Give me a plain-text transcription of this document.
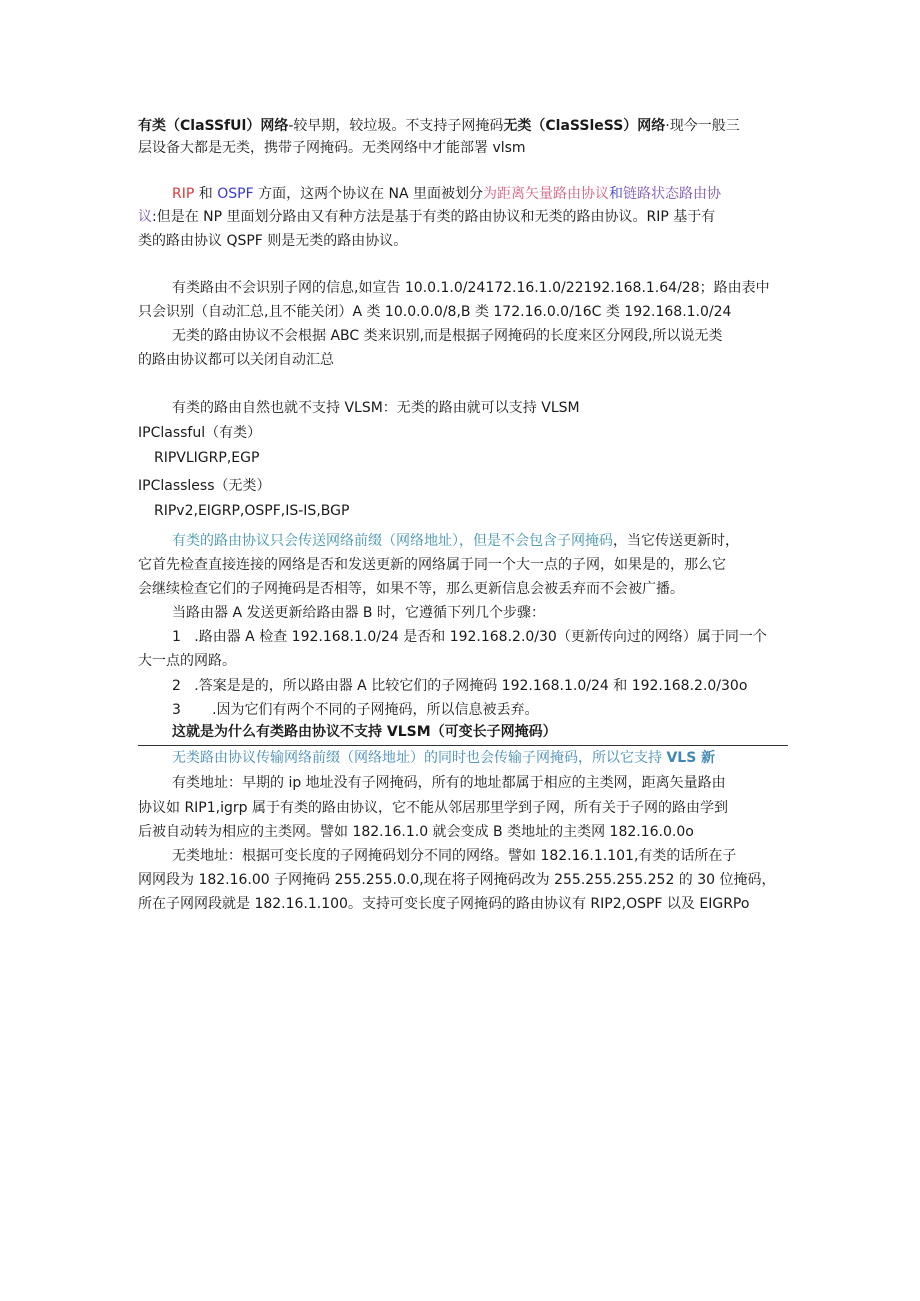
有类（ClaSSfUl）网络-较早期，较垃圾。不支持子网掩码无类（ClaSSleSS）网络·现今一般三
层设备大都是无类，携带子网掩码。无类网络中才能部署 vlsm
RIP 和 OSPF 方面，这两个协议在 NA 里面被划分为距离矢量路由协议和链路状态路由协
议:但是在 NP 里面划分路由又有种方法是基于有类的路由协议和无类的路由协议。RIP 基于有
类的路由协议 QSPF 则是无类的路由协议。
有类路由不会识别子网的信息,如宣告 10.0.1.0/24172.16.1.0/22192.168.1.64/28；路由表中
只会识别（自动汇总,且不能关闭）A 类 10.0.0.0/8,B 类 172.16.0.0/16C 类 192.168.1.0/24
无类的路由协议不会根据 ABC 类来识别,而是根据子网掩码的长度来区分网段,所以说无类
的路由协议都可以关闭自动汇总
有类的路由自然也就不支持 VLSM：无类的路由就可以支持 VLSM
IPClassful（有类）
RIPVLIGRP,EGP
IPClassless（无类）
RIPv2,EIGRP,OSPF,IS-IS,BGP
有类的路由协议只会传送网络前缀（网络地址），但是不会包含子网掩码，当它传送更新时，
它首先检查直接连接的网络是否和发送更新的网络属于同一个大一点的子网，如果是的，那么它
会继续检查它们的子网掩码是否相等，如果不等，那么更新信息会被丢弃而不会被广播。
当路由器 A 发送更新给路由器 B 时，它遵循下列几个步骤：
1 .路由器 A 检查 192.168.1.0/24 是否和 192.168.2.0/30（更新传向过的网络）属于同一个
大一点的网路。
2 .答案是是的，所以路由器 A 比较它们的子网掩码 192.168.1.0/24 和 192.168.2.0/30o
3 .因为它们有两个不同的子网掩码，所以信息被丢弃。
这就是为什么有类路由协议不支持 VLSM（可变长子网掩码）
无类路由协议传输网络前缀（网络地址）的同时也会传输子网掩码，所以它支持 VLS 新
有类地址：早期的 ip 地址没有子网掩码，所有的地址都属于相应的主类网，距离矢量路由
协议如 RIP1,igrp 属于有类的路由协议，它不能从邻居那里学到子网，所有关于子网的路由学到
后被自动转为相应的主类网。譬如 182.16.1.0 就会变成 B 类地址的主类网 182.16.0.0o
无类地址：根据可变长度的子网掩码划分不同的网络。譬如 182.16.1.101,有类的话所在子
网网段为 182.16.00 子网掩码 255.255.0.0,现在将子网掩码改为 255.255.255.252 的 30 位掩码，
所在子网网段就是 182.16.1.100。支持可变长度子网掩码的路由协议有 RIP2,OSPF 以及 EIGRPo
